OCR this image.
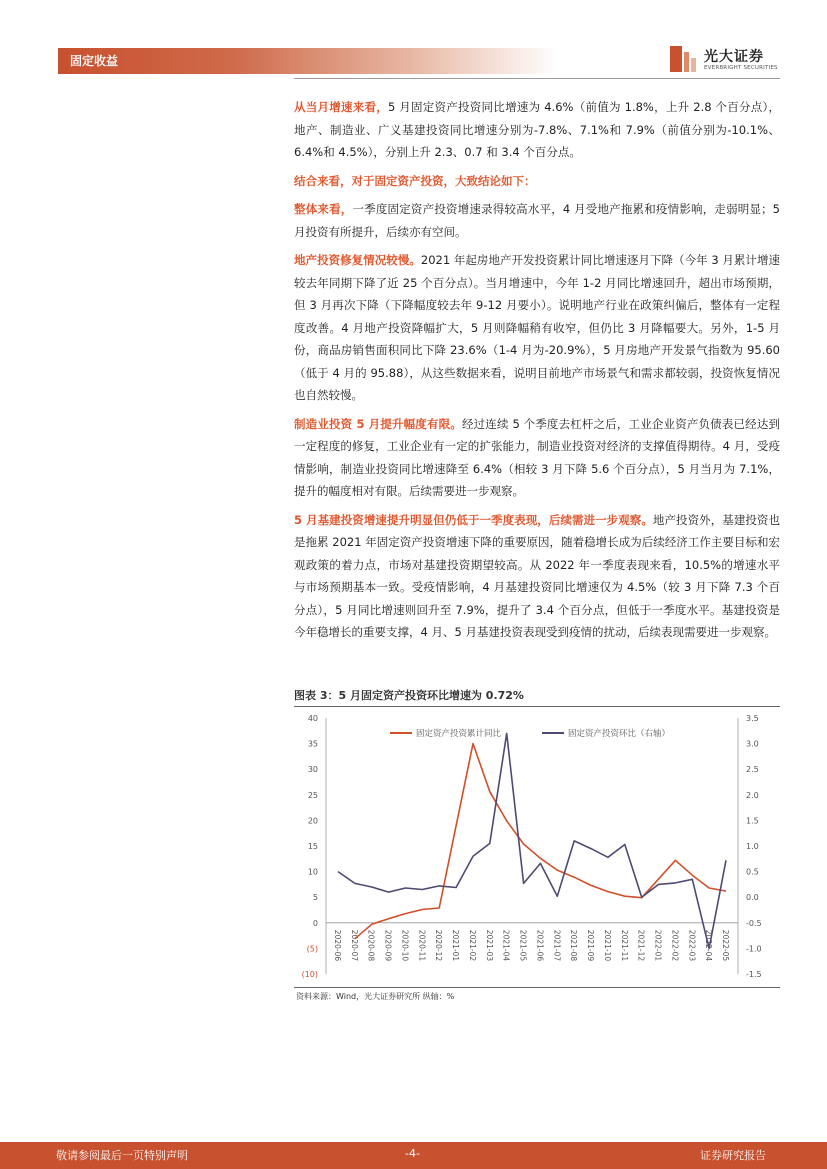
固定收益	光大证券
EVERBRIGHT SECURITIES

从当月增速来看，5 月固定资产投资同比增速为 4.6%（前值为 1.8%，上升 2.8 个百分点），地产、制造业、广义基建投资同比增速分别为-7.8%、7.1%和 7.9%（前值分别为-10.1%、6.4%和 4.5%），分别上升 2.3、0.7 和 3.4 个百分点。

结合来看，对于固定资产投资，大致结论如下：

整体来看，一季度固定资产投资增速录得较高水平，4 月受地产拖累和疫情影响，走弱明显；5 月投资有所提升，后续亦有空间。

地产投资修复情况较慢。2021 年起房地产开发投资累计同比增速逐月下降（今年 3 月累计增速较去年同期下降了近 25 个百分点）。当月增速中，今年 1-2 月同比增速回升，超出市场预期，但 3 月再次下降（下降幅度较去年 9-12 月要小）。说明地产行业在政策纠偏后，整体有一定程度改善。4 月地产投资降幅扩大，5 月则降幅稍有收窄，但仍比 3 月降幅要大。另外，1-5 月份，商品房销售面积同比下降 23.6%（1-4 月为-20.9%），5 月房地产开发景气指数为 95.60（低于 4 月的 95.88），从这些数据来看，说明目前地产市场景气和需求都较弱，投资恢复情况也自然较慢。

制造业投资 5 月提升幅度有限。经过连续 5 个季度去杠杆之后，工业企业资产负债表已经达到一定程度的修复，工业企业有一定的扩张能力，制造业投资对经济的支撑值得期待。4 月，受疫情影响，制造业投资同比增速降至 6.4%（相较 3 月下降 5.6 个百分点），5 月当月为 7.1%，提升的幅度相对有限。后续需要进一步观察。

5 月基建投资增速提升明显但仍低于一季度表现，后续需进一步观察。地产投资外，基建投资也是拖累 2021 年固定资产投资增速下降的重要原因，随着稳增长成为后续经济工作主要目标和宏观政策的着力点，市场对基建投资期望较高。从 2022 年一季度表现来看，10.5%的增速水平与市场预期基本一致。受疫情影响，4 月基建投资同比增速仅为 4.5%（较 3 月下降 7.3 个百分点），5 月同比增速则回升至 7.9%，提升了 3.4 个百分点，但低于一季度水平。基建投资是今年稳增长的重要支撑，4 月、5 月基建投资表现受到疫情的扰动，后续表现需要进一步观察。

图表 3：5 月固定资产投资环比增速为 0.72%
40
35
30
25
20
15
10
5
0
(5)
(10)
3.5
3.0
2.5
2.0
1.5
1.0
0.5
0.0
-0.5
-1.0
-1.5
2020-06 2020-07 2020-08 2020-09 2020-10 2020-11 2020-12 2021-01 2021-02 2021-03 2021-04 2021-05 2021-06 2021-07 2021-08 2021-09 2021-10 2021-11 2021-12 2022-01 2022-02 2022-03 2022-04 2022-05
固定资产投资累计同比	固定资产投资环比（右轴）
资料来源：Wind，光大证券研究所 纵轴：%
敬请参阅最后一页特别声明	-4-	证券研究报告
